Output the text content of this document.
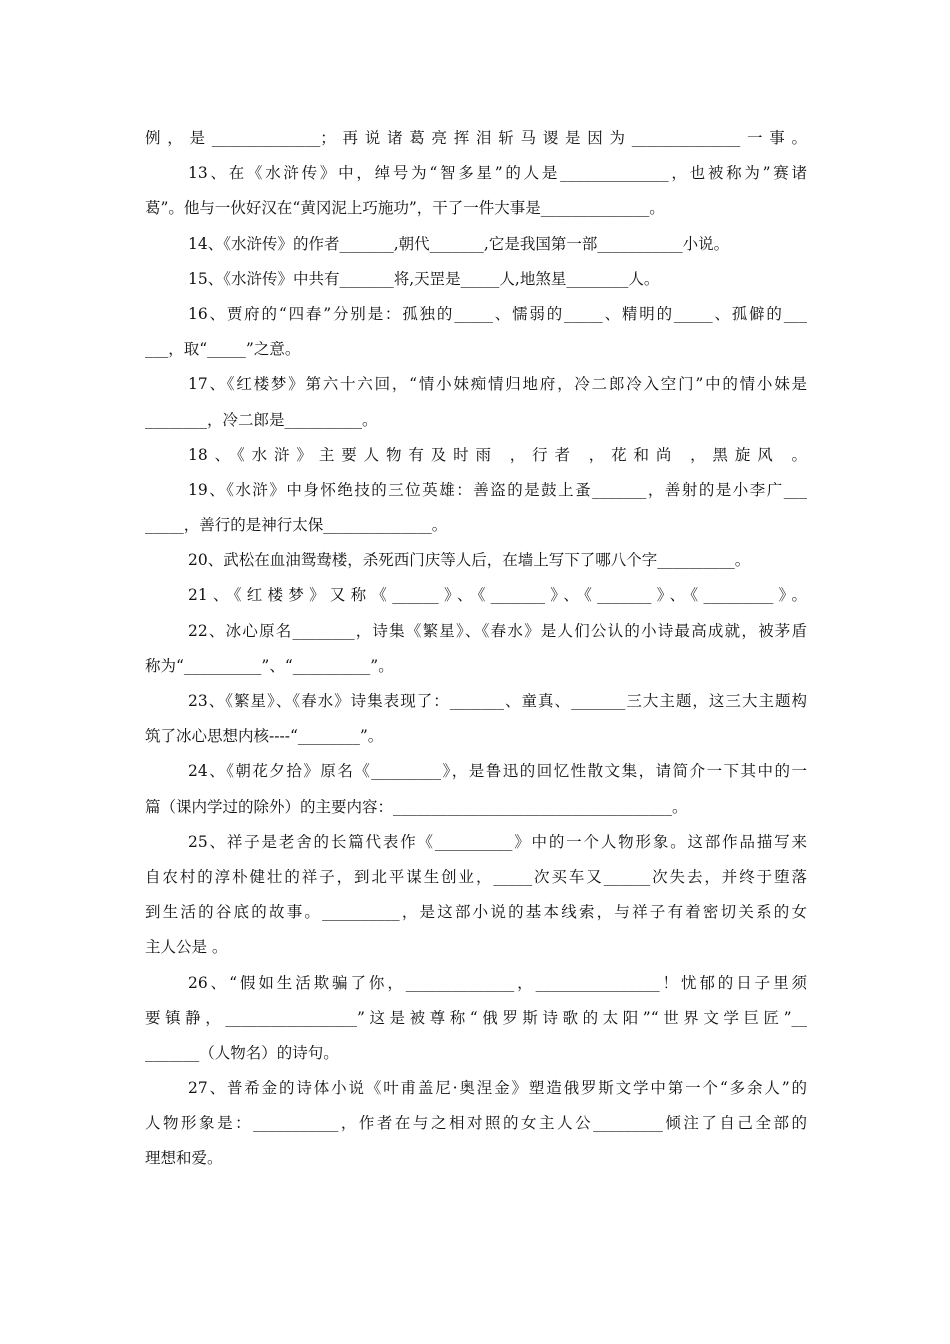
例，是______________；再说诸葛亮挥泪斩马谡是因为______________一事。
13、在《水浒传》中，绰号为“智多星”的人是______________，也被称为”赛诸
葛”。他与一伙好汉在“黄冈泥上巧施功”，干了一件大事是______________。
14、《水浒传》的作者_______,朝代_______,它是我国第一部___________小说。
15、《水浒传》中共有_______将,天罡是_____人,地煞星________人。
16、贾府的“四春”分别是：孤独的_____、懦弱的_____、精明的_____、孤僻的___
___，取“_____”之意。
17、《红楼梦》第六十六回，“情小妹痴情归地府，冷二郎冷入空门”中的情小妹是
________，冷二郎是__________。
18、《水浒》主要人物有及时雨 ，行者 ，花和尚 ，黑旋风 。
19、《水浒》中身怀绝技的三位英雄：善盗的是鼓上蚤_______，善射的是小李广___
_____，善行的是神行太保______________。
20、武松在血油鸳鸯楼，杀死西门庆等人后，在墙上写下了哪八个字__________。
21、《红楼梦》又称《______》、《_______》、《_______》、《_________》。
22、冰心原名________，诗集《繁星》、《春水》是人们公认的小诗最高成就，被茅盾
称为“__________”、“__________”。
23、《繁星》、《春水》诗集表现了：_______、童真、_______三大主题，这三大主题构
筑了冰心思想内核----“________”。
24、《朝花夕拾》原名《_________》，是鲁迅的回忆性散文集，请简介一下其中的一
篇（课内学过的除外）的主要内容：____________________________________。
25、祥子是老舍的长篇代表作《__________》中的一个人物形象。这部作品描写来
自农村的淳朴健壮的祥子，到北平谋生创业，_____次买车又______次失去，并终于堕落
到生活的谷底的故事。__________，是这部小说的基本线索，与祥子有着密切关系的女
主人公是 。
26、“假如生活欺骗了你，______________，________________！忧郁的日子里须
要镇静，_________________”这是被尊称“俄罗斯诗歌的太阳”“世界文学巨匠”__
_______（人物名）的诗句。
27、普希金的诗体小说《叶甫盖尼·奥涅金》塑造俄罗斯文学中第一个“多余人”的
人物形象是：___________，作者在与之相对照的女主人公_________倾注了自己全部的
理想和爱。
